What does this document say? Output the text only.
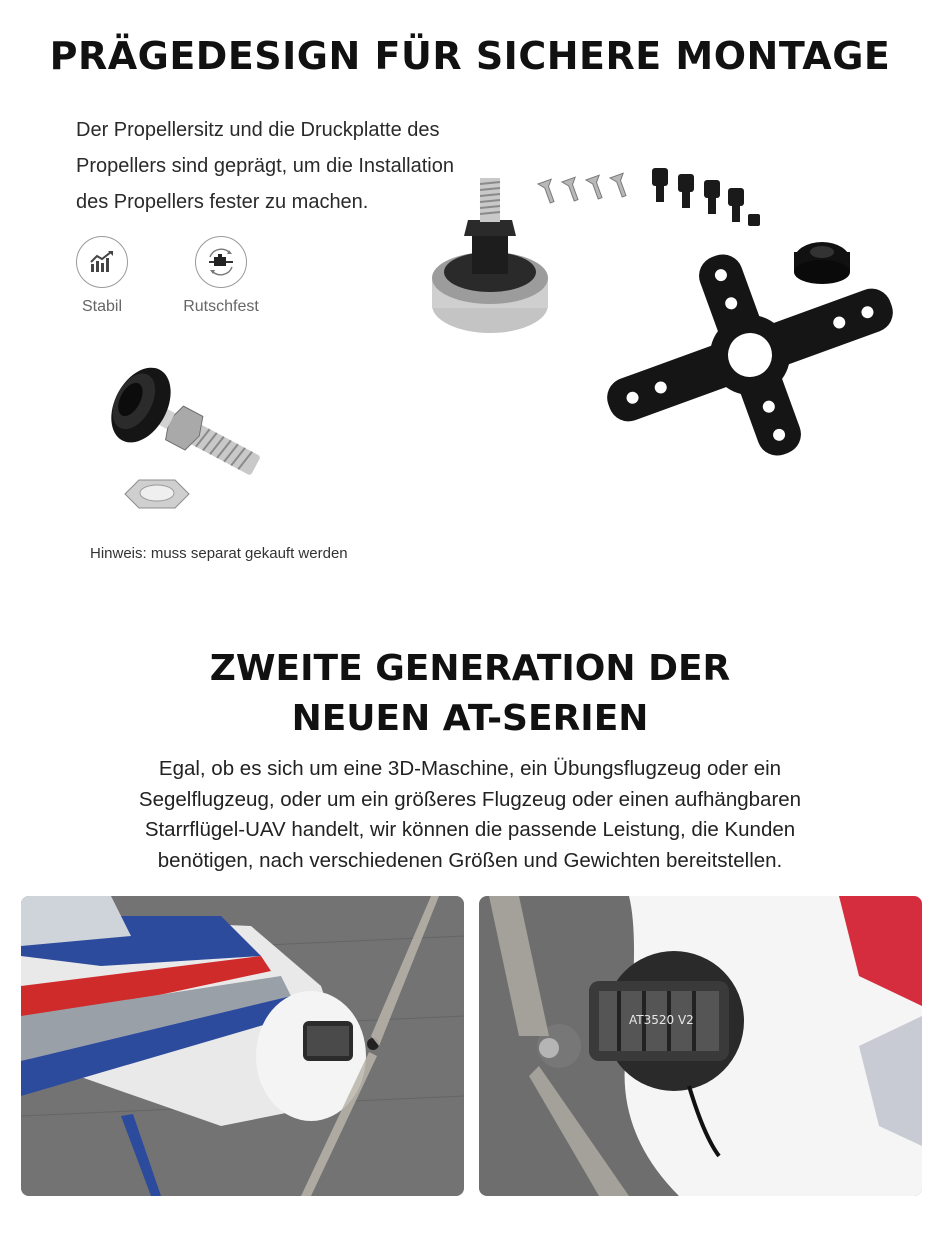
PRÄGEDESIGN FÜR SICHERE MONTAGE
Der Propellersitz und die Druckplatte des
Propellers sind geprägt, um die Installation
des Propellers fester zu machen.
Stabil	Rutschfest
Hinweis: muss separat gekauft werden
ZWEITE GENERATION DER
NEUEN AT-SERIEN
Egal, ob es sich um eine 3D-Maschine, ein Übungsflugzeug oder ein
Segelflugzeug, oder um ein größeres Flugzeug oder einen aufhängbaren
Starrflügel-UAV handelt, wir können die passende Leistung, die Kunden
benötigen, nach verschiedenen Größen und Gewichten bereitstellen.
AT3520 V2
